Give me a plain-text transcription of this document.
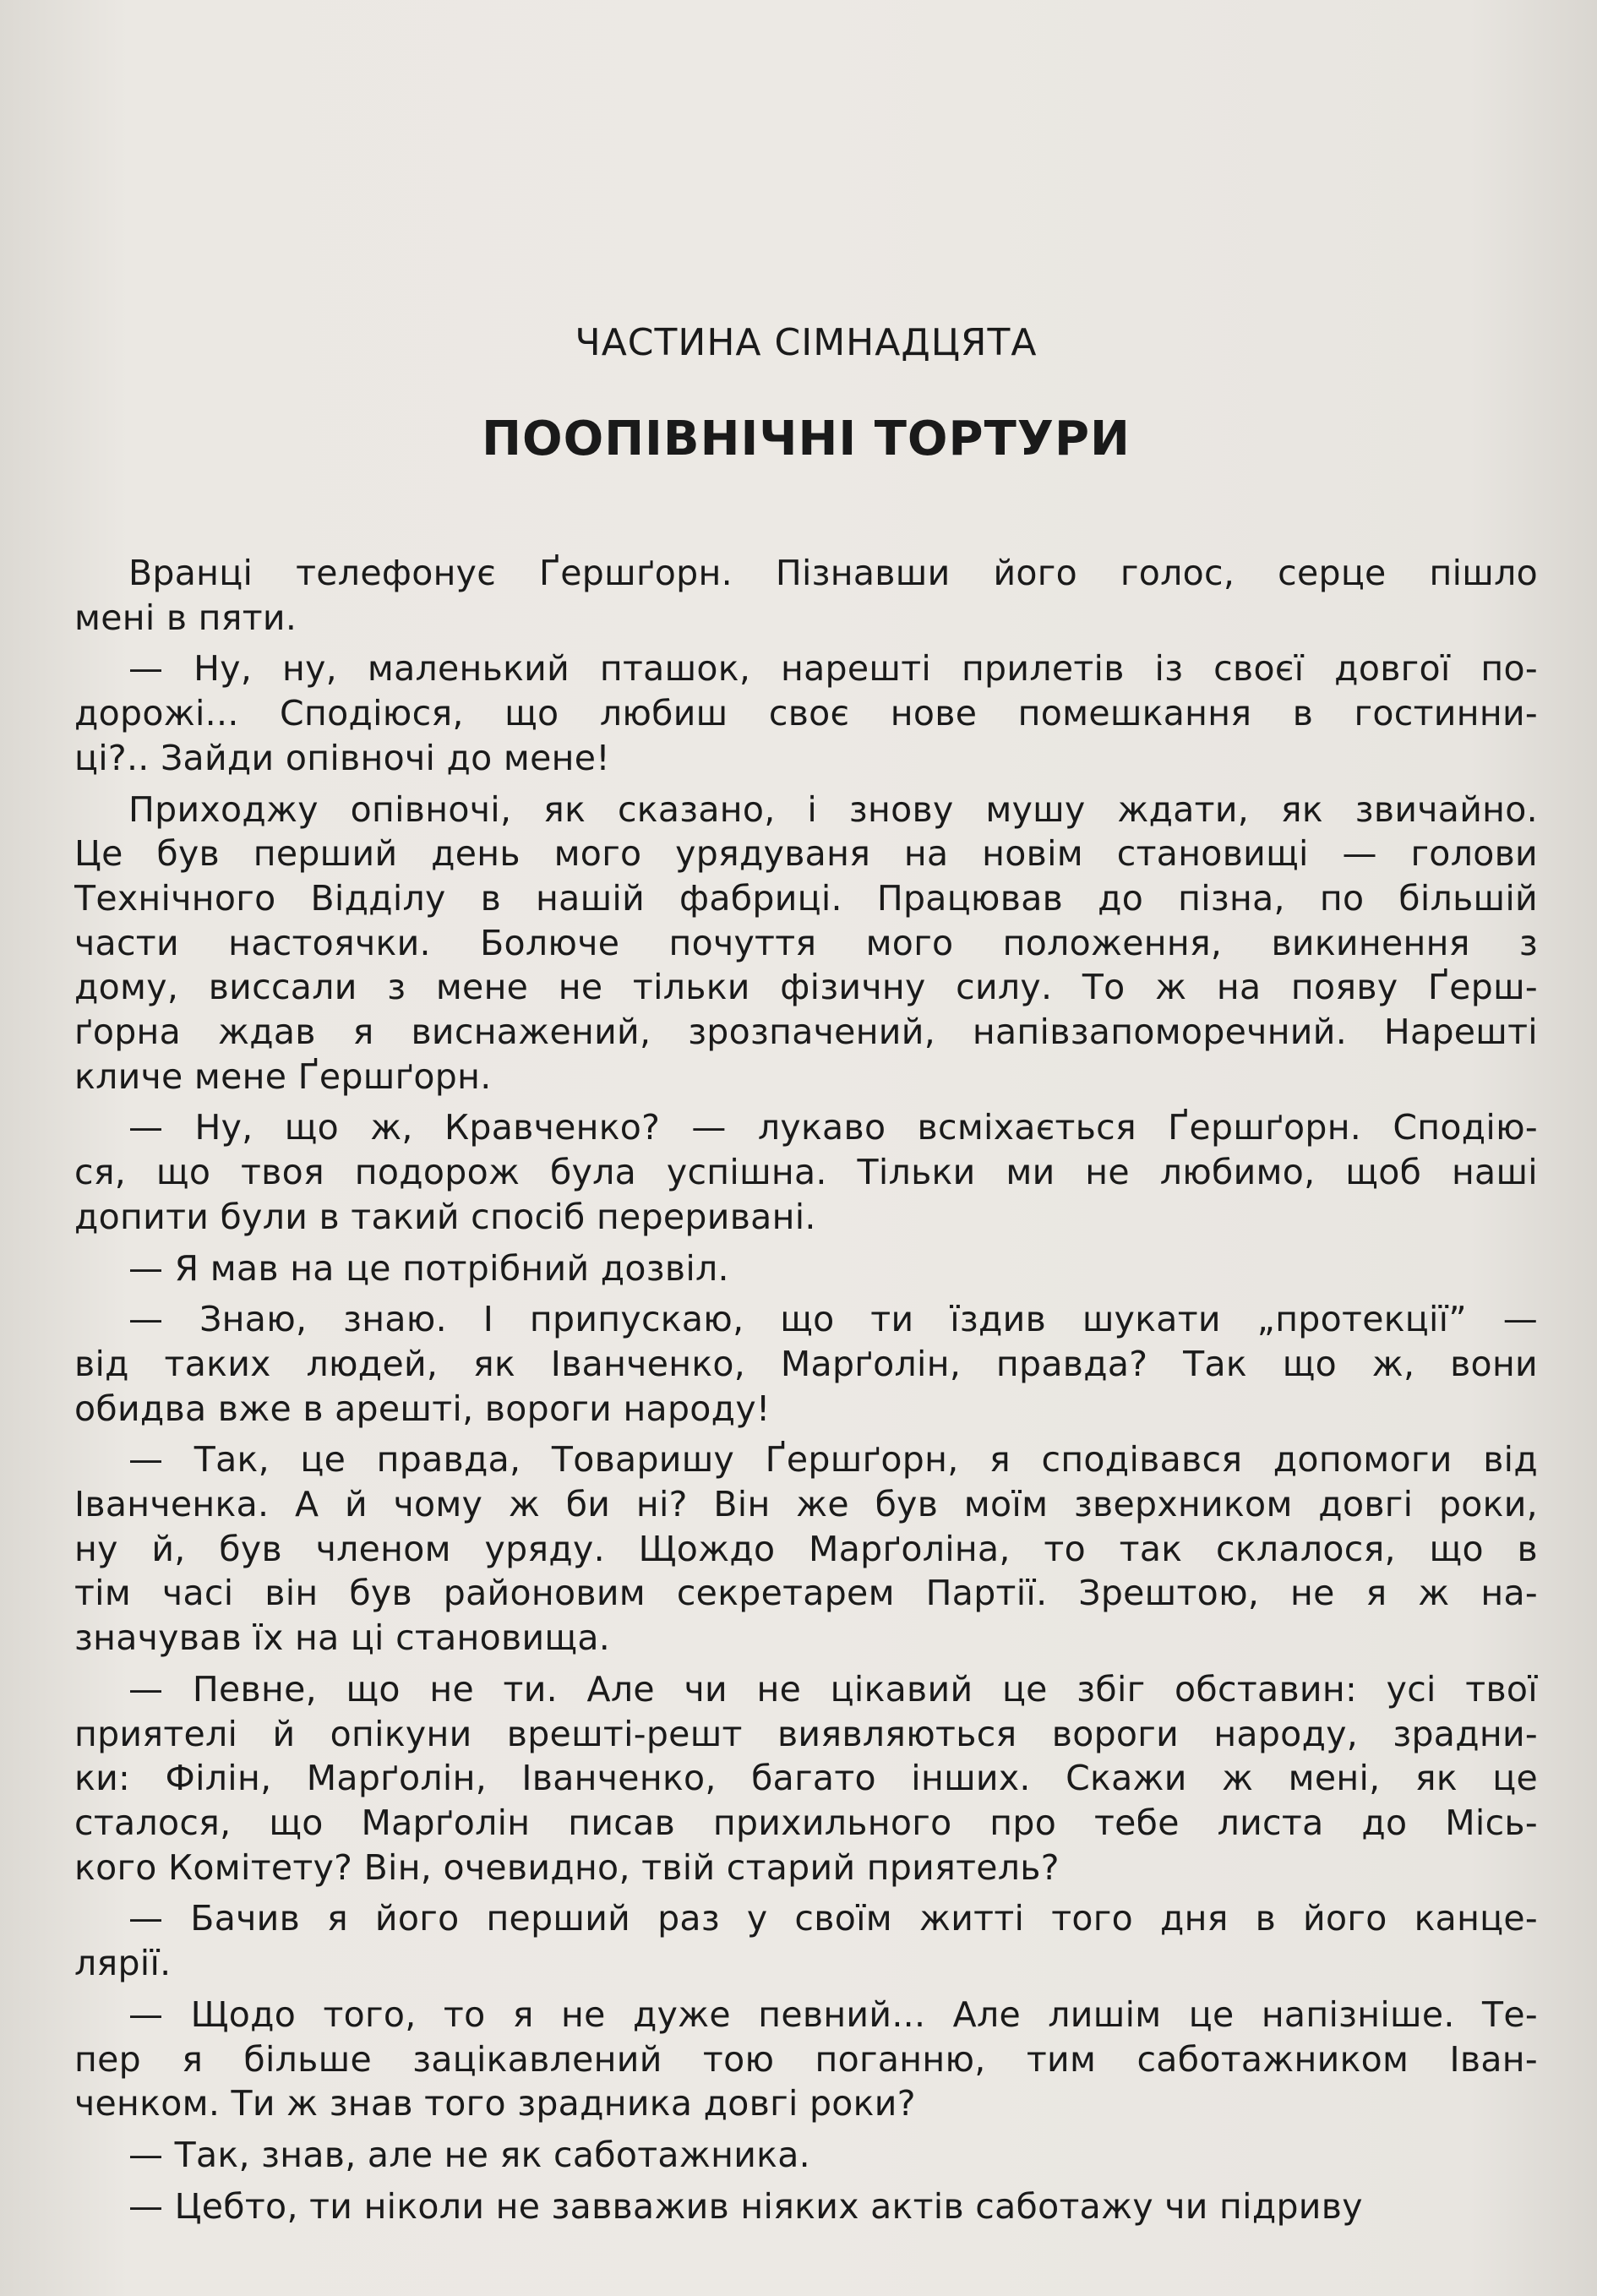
ЧАСТИНА СІМНАДЦЯТА
ПООПІВНІЧНІ ТОРТУРИ
Вранці телефонує Ґершґорн. Пізнавши його голос, серце пішло
мені в пяти.
— Ну, ну, маленький пташок, нарешті прилетів із своєї довгої по-
дорожі... Сподіюся, що любиш своє нове помешкання в гостинни-
ці?.. Зайди опівночі до мене!
Приходжу опівночі, як сказано, і знову мушу ждати, як звичайно.
Це був перший день мого урядуваня на новім становищі — голови
Технічного Відділу в нашій фабриці. Працював до пізна, по більшій
части настоячки. Болюче почуття мого положення, викинення з
дому, виссали з мене не тільки фізичну силу. То ж на появу Ґерш-
ґорна ждав я виснажений, зрозпачений, напівзапоморечний. Нарешті
кличе мене Ґершґорн.
— Ну, що ж, Кравченко? — лукаво всміхається Ґершґорн. Сподію-
ся, що твоя подорож була успішна. Тільки ми не любимо, щоб наші
допити були в такий спосіб переривані.
— Я мав на це потрібний дозвіл.
— Знаю, знаю. І припускаю, що ти їздив шукати „протекції” —
від таких людей, як Іванченко, Марґолін, правда? Так що ж, вони
обидва вже в арешті, вороги народу!
— Так, це правда, Товаришу Ґершґорн, я сподівався допомоги від
Іванченка. А й чому ж би ні? Він же був моїм зверхником довгі роки,
ну й, був членом уряду. Щождо Марґоліна, то так склалося, що в
тім часі він був районовим секретарем Партії. Зрештою, не я ж на-
значував їх на ці становища.
— Певне, що не ти. Але чи не цікавий це збіг обставин: усі твої
приятелі й опікуни врешті-решт виявляються вороги народу, зрадни-
ки: Філін, Марґолін, Іванченко, багато інших. Скажи ж мені, як це
сталося, що Марґолін писав прихильного про тебе листа до Місь-
кого Комітету? Він, очевидно, твій старий приятель?
— Бачив я його перший раз у своїм житті того дня в його канце-
лярії.
— Щодо того, то я не дуже певний... Але лишім це напізніше. Те-
пер я більше зацікавлений тою поганню, тим саботажником Іван-
ченком. Ти ж знав того зрадника довгі роки?
— Так, знав, але не як саботажника.
— Цебто, ти ніколи не завважив ніяких актів саботажу чи підриву
